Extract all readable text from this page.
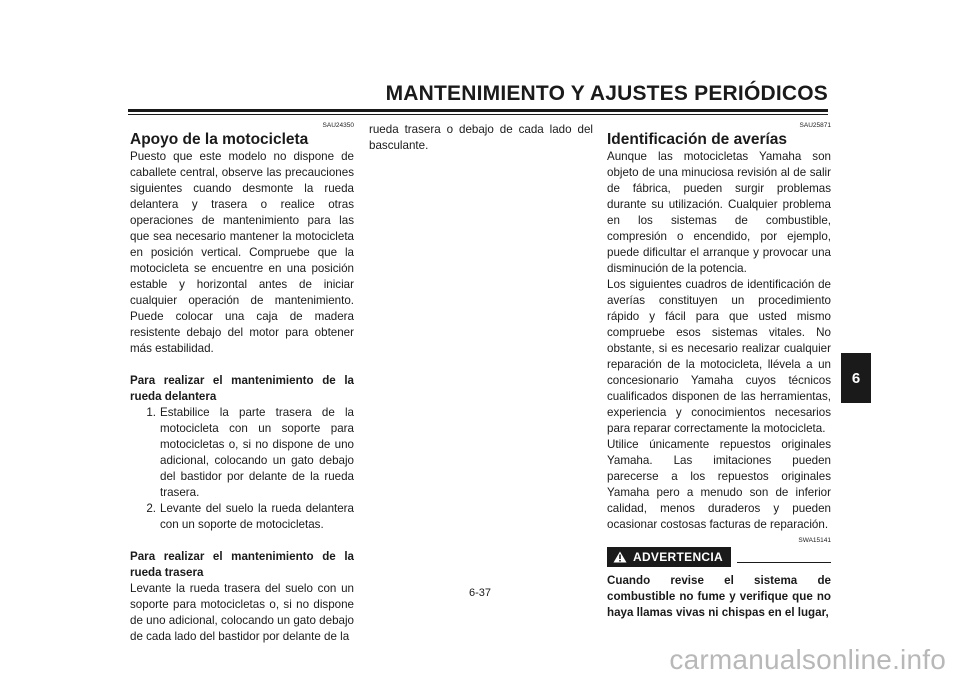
MANTENIMIENTO Y AJUSTES PERIÓDICOS
SAU24350
Apoyo de la motocicleta

Puesto que este modelo no dispone de caballete central, observe las precauciones siguientes cuando desmonte la rueda delantera y trasera o realice otras operaciones de mantenimiento para las que sea necesario mantener la motocicleta en posición vertical. Compruebe que la motocicleta se encuentre en una posición estable y horizontal antes de iniciar cualquier operación de mantenimiento. Puede colocar una caja de madera resistente debajo del motor para obtener más estabilidad.

Para realizar el mantenimiento de la rueda delantera

1. Estabilice la parte trasera de la motocicleta con un soporte para motocicletas o, si no dispone de uno adicional, colocando un gato debajo del bastidor por delante de la rueda trasera.
2. Levante del suelo la rueda delantera con un soporte de motocicletas.

Para realizar el mantenimiento de la rueda trasera

Levante la rueda trasera del suelo con un soporte para motocicletas o, si no dispone de uno adicional, colocando un gato debajo de cada lado del bastidor por delante de la

rueda trasera o debajo de cada lado del basculante.

SAU25871
Identificación de averías

Aunque las motocicletas Yamaha son objeto de una minuciosa revisión al de salir de fábrica, pueden surgir problemas durante su utilización. Cualquier problema en los sistemas de combustible, compresión o encendido, por ejemplo, puede dificultar el arranque y provocar una disminución de la potencia.

Los siguientes cuadros de identificación de averías constituyen un procedimiento rápido y fácil para que usted mismo compruebe esos sistemas vitales. No obstante, si es necesario realizar cualquier reparación de la motocicleta, llévela a un concesionario Yamaha cuyos técnicos cualificados disponen de las herramientas, experiencia y conocimientos necesarios para reparar correctamente la motocicleta.

Utilice únicamente repuestos originales Yamaha. Las imitaciones pueden parecerse a los repuestos originales Yamaha pero a menudo son de inferior calidad, menos duraderos y pueden ocasionar costosas facturas de reparación.

SWA15141
ADVERTENCIA

Cuando revise el sistema de combustible no fume y verifique que no haya llamas vivas ni chispas en el lugar,

6-37
6
carmanualsonline.info
